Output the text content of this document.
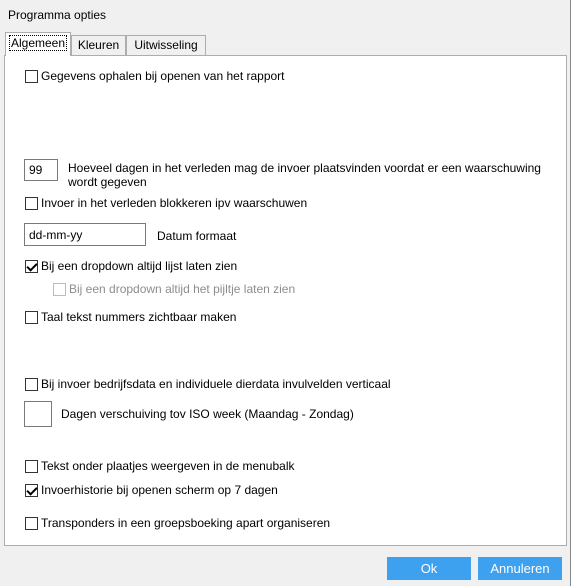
Programma opties
Algemeen	Kleuren	Uitwisseling
Gegevens ophalen bij openen van het rapport
99	Hoeveel dagen in het verleden mag de invoer plaatsvinden voordat er een waarschuwing wordt gegeven
Invoer in het verleden blokkeren ipv waarschuwen
dd-mm-yy	Datum formaat
Bij een dropdown altijd lijst laten zien
Bij een dropdown altijd het pijltje laten zien
Taal tekst nummers zichtbaar maken
Bij invoer bedrijfsdata en individuele dierdata invulvelden verticaal
Dagen verschuiving tov ISO week (Maandag - Zondag)
Tekst onder plaatjes weergeven in de menubalk
Invoerhistorie bij openen scherm op 7 dagen
Transponders in een groepsboeking apart organiseren
Ok	Annuleren
